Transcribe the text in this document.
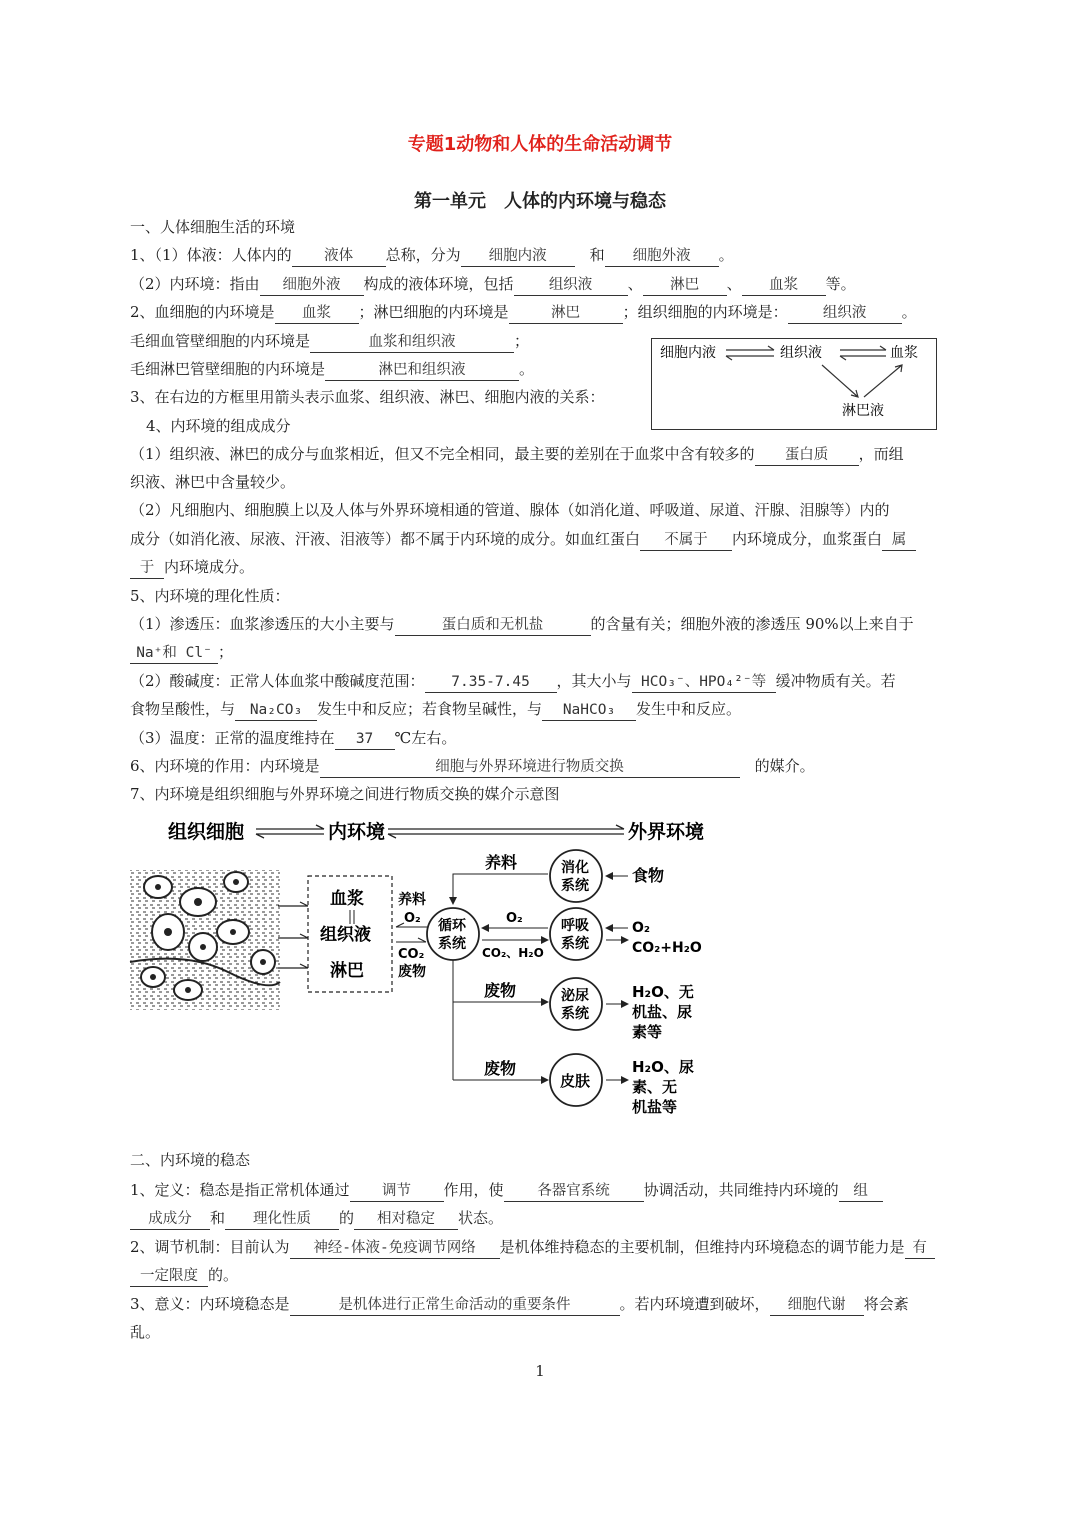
专题1动物和人体的生命活动调节
第一单元　人体的内环境与稳态
一、人体细胞生活的环境
1、（1）体液：人体内的 液体 总称，分为 细胞内液　	和 细胞外液 。
（2）内环境：指由 细胞外液 构成的液体环境，包括 组织液 、 淋巴 、 血浆 等。
2、血细胞的内环境是 血浆 ；淋巴细胞的内环境是	淋巴	；组织细胞的内环境是： 组织液 。
毛细血管壁细胞的内环境是	血浆和组织液	；
毛细淋巴管壁细胞的内环境是	淋巴和组织液	。
3、在右边的方框里用箭头表示血浆、组织液、淋巴、细胞内液的关系：
细胞内液	组织液	血浆
淋巴液
4、内环境的组成成分
（1）组织液、淋巴的成分与血浆相近，但又不完全相同，最主要的差别在于血浆中含有较多的 蛋白质 ，而组
织液、淋巴中含量较少。
（2）凡细胞内、细胞膜上以及人体与外界环境相通的管道、腺体（如消化道、呼吸道、尿道、汗腺、泪腺等）内的
成分（如消化液、尿液、汗液、泪液等）都不属于内环境的成分。如血红蛋白 不属于 内环境成分，血浆蛋白 属
于 内环境成分。
5、内环境的理化性质：
（1）渗透压：血浆渗透压的大小主要与	蛋白质和无机盐	的含量有关；细胞外液的渗透压 90%以上来自于
Na⁺和 Cl⁻ ；
（2）酸碱度：正常人体血浆中酸碱度范围： 7.35-7.45 ，其大小与 HCO₃⁻、HPO₄²⁻等 缓冲物质有关。若
食物呈酸性，与 Na₂CO₃ 发生中和反应；若食物呈碱性，与 NaHCO₃ 发生中和反应。
（3）温度：正常的温度维持在 37 ℃左右。
6、内环境的作用：内环境是	细胞与外界环境进行物质交换　	的媒介。
7、内环境是组织细胞与外界环境之间进行物质交换的媒介示意图
组织细胞	内环境	外界环境
血浆
组织液
淋巴
养料
O₂
CO₂
废物
循环
系统
养料	消化
系统
食物
O₂
CO₂、H₂O
呼吸
系统
O₂
CO₂+H₂O
废物	泌尿
系统
H₂O、无
机盐、尿
素等
废物
皮肤
H₂O、尿
素、无
机盐等
二、内环境的稳态
1、定义：稳态是指正常机体通过 调节 作用，使 各器官系统 协调活动，共同维持内环境的 组
成成分 和 理化性质 的 相对稳定 状态。
2、调节机制：目前认为 神经-体液-免疫调节网络 是机体维持稳态的主要机制，但维持内环境稳态的调节能力是 有
一定限度 的。
3、意义：内环境稳态是	是机体进行正常生命活动的重要条件	。若内环境遭到破坏， 细胞代谢 将会紊
乱。
1
